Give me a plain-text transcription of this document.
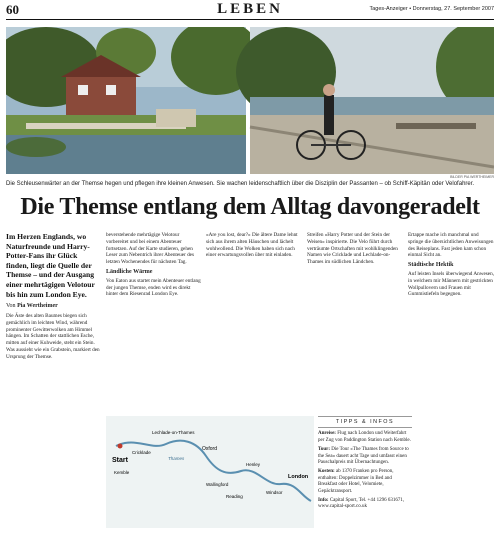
60	LEBEN	Tages-Anzeiger • Donnerstag, 27. September 2007
BILDER PIA WERTHEIMER
Die Schleusenwärter an der Themse hegen und pflegen ihre kleinen Anwesen. Sie wachen leidenschaftlich über die Disziplin der Passanten – ob Schiff-Käpitän oder Velofahrer.
Die Themse entlang dem Alltag davongeradelt
Im Herzen Englands, wo Naturfreunde und Harry-Potter-Fans ihr Glück finden, liegt die Quelle der Themse – und der Ausgang einer mehrtägigen Velotour bis hin zum London Eye.
Von Pia Wertheimer

Die Äste des alten Baumes biegen sich gemächlich im leichten Wind, während prominenter Gewitterwolken am Himmel hängen. Im Schatten der stattlichen Esche, mitten auf einer Kuhweide, steht ein Stein. Was aussieht wie ein Grabstein, markiert den Ursprung der Themse.

beverstehende mehrtägige Velotour vorbereitet und bei einem Abenteuer fortsetzen. Auf der Karte studieren, gehen Leser zum Nebentrich ihrer Abenteuer des letzten Wochenendes für nächsten Tag.

Ländliche Wärme

Von Eaton aus startet mein Abenteuer entlang der jungen Themse, enden wird es direkt hinter dem Riesenrad London Eye.

«Are you lost, dear?» Die ältere Dame lehnt sich aus ihrem alten Häuschen und lächelt wohlwollend. Die Wolken haben sich nach einer erwartungsvollen über mit einladen.

Streifen «Harry Potter und der Stein der Weisen» inspirierte. Die Velo führt durch verträumte Ortschaften mit wohlklingenden Namen wie Cricklade und Lechlade-on-Thames im südlichen Ländchen.

Ertappe mache ich manchmal und springe die übersichtlichen Anweisungen des Reiseplans. Fast jeden kam schon einmal Sicht an.

Städtische Hektik

Auf leisten Insels überwiegend Anwesen, in welchem mir Männern mit gestrickten Wollpullovern und Frauen mit Gummistiefeln begegnen.

Start
Lechlade-on-Thames
Oxford
Wallingford
Reading
Henley
Windsor
London
Kemble
Cricklade
Thames
TIPPS & INFOS

Anreise: Flug nach London und Weiterfahrt per Zug von Paddington Station nach Kemble.

Tour: Die Tour «The Thames from Source to the Sea» dauert acht Tage und umfasst einen Pauschalpreis mit Übernachtungen.

Kosten: ab 1370 Franken pro Person, enthalten: Doppelzimmer in Bed and Breakfast oder Hotel, Velomiete, Gepäcktransport.

Info: Capital Sport, Tel. +44 1296 631671, www.capital-sport.co.uk
